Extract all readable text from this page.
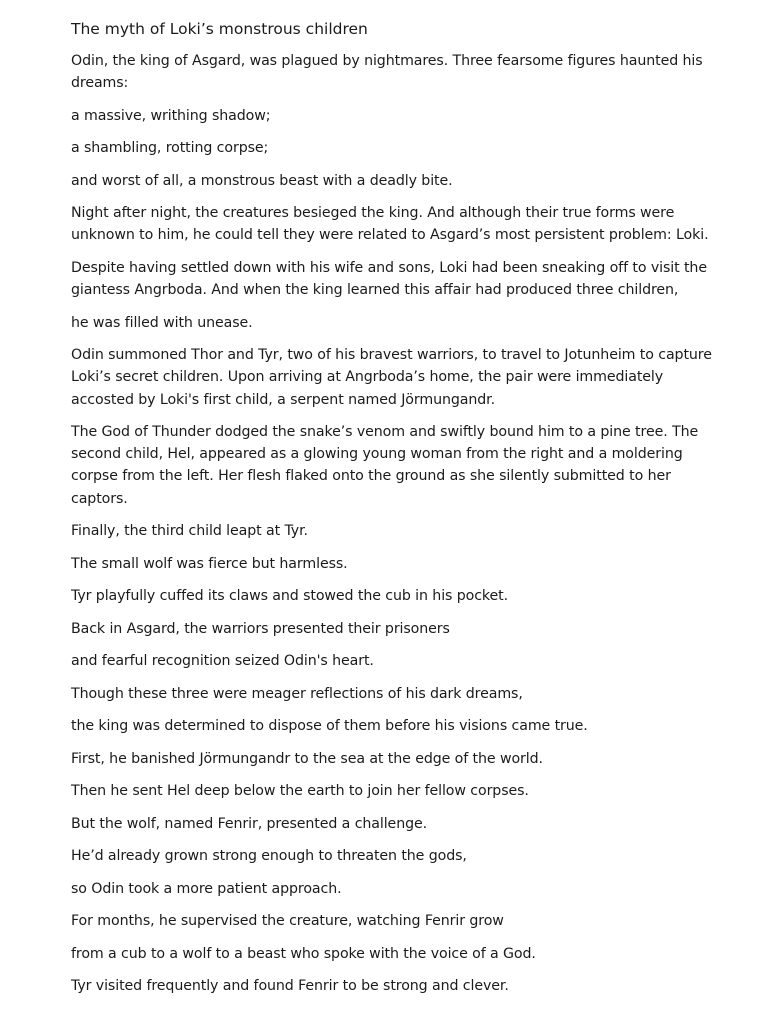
The myth of Loki’s monstrous children

Odin, the king of Asgard, was plagued by nightmares. Three fearsome figures haunted his dreams:

a massive, writhing shadow;

a shambling, rotting corpse;

and worst of all, a monstrous beast with a deadly bite.

Night after night, the creatures besieged the king. And although their true forms were unknown to him, he could tell they were related to Asgard’s most persistent problem: Loki.

Despite having settled down with his wife and sons, Loki had been sneaking off to visit the giantess Angrboda. And when the king learned this affair had produced three children,

he was filled with unease.

Odin summoned Thor and Tyr, two of his bravest warriors, to travel to Jotunheim to capture Loki’s secret children. Upon arriving at Angrboda’s home, the pair were immediately accosted by Loki's first child, a serpent named Jörmungandr.

The God of Thunder dodged the snake’s venom and swiftly bound him to a pine tree. The second child, Hel, appeared as a glowing young woman from the right and a moldering corpse from the left. Her flesh flaked onto the ground as she silently submitted to her captors.

Finally, the third child leapt at Tyr.

The small wolf was fierce but harmless.

Tyr playfully cuffed its claws and stowed the cub in his pocket.

Back in Asgard, the warriors presented their prisoners

and fearful recognition seized Odin's heart.

Though these three were meager reflections of his dark dreams,

the king was determined to dispose of them before his visions came true.

First, he banished Jörmungandr to the sea at the edge of the world.

Then he sent Hel deep below the earth to join her fellow corpses.

But the wolf, named Fenrir, presented a challenge.

He’d already grown strong enough to threaten the gods,

so Odin took a more patient approach.

For months, he supervised the creature, watching Fenrir grow

from a cub to a wolf to a beast who spoke with the voice of a God.

Tyr visited frequently and found Fenrir to be strong and clever.
